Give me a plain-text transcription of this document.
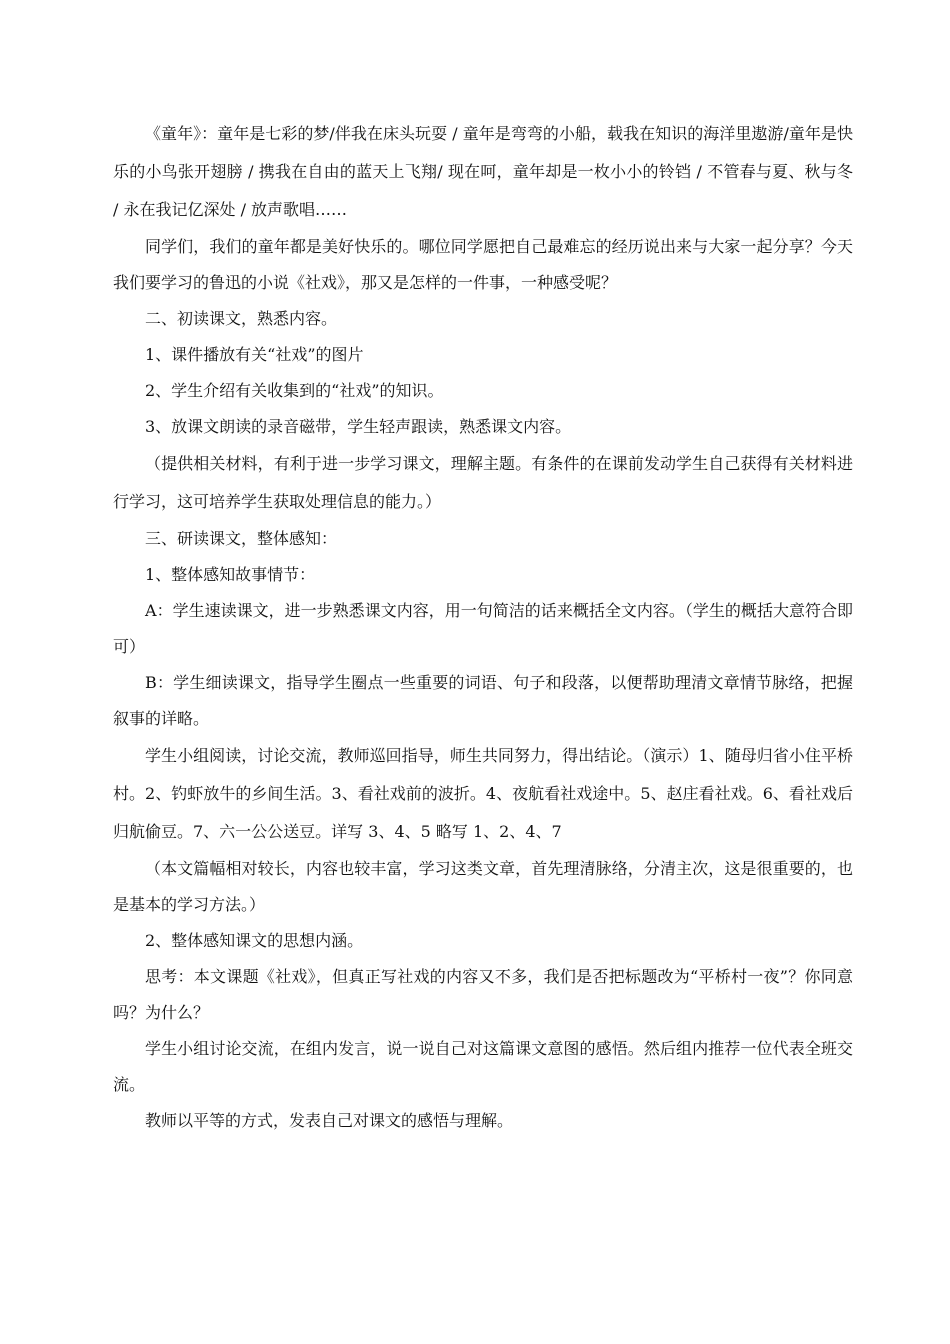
《童年》：童年是七彩的梦/伴我在床头玩耍 / 童年是弯弯的小船，载我在知识的海洋里遨游/童年是快乐的小鸟张开翅膀 / 携我在自由的蓝天上飞翔/ 现在呵，童年却是一枚小小的铃铛 / 不管春与夏、秋与冬 / 永在我记亿深处 / 放声歌唱……

同学们，我们的童年都是美好快乐的。哪位同学愿把自己最难忘的经历说出来与大家一起分享？今天我们要学习的鲁迅的小说《社戏》，那又是怎样的一件事，一种感受呢？

二、初读课文，熟悉内容。

1、课件播放有关“社戏”的图片

2、学生介绍有关收集到的“社戏”的知识。

3、放课文朗读的录音磁带，学生轻声跟读，熟悉课文内容。

（提供相关材料，有利于进一步学习课文，理解主题。有条件的在课前发动学生自己获得有关材料进行学习，这可培养学生获取处理信息的能力。）

三、研读课文，整体感知：

1、整体感知故事情节：

A：学生速读课文，进一步熟悉课文内容，用一句简洁的话来概括全文内容。（学生的概括大意符合即可）

B：学生细读课文，指导学生圈点一些重要的词语、句子和段落，以便帮助理清文章情节脉络，把握叙事的详略。

学生小组阅读，讨论交流，教师巡回指导，师生共同努力，得出结论。（演示）1、随母归省小住平桥村。2、钓虾放牛的乡间生活。3、看社戏前的波折。4、夜航看社戏途中。5、赵庄看社戏。6、看社戏后归航偷豆。7、六一公公送豆。详写 3、4、5 略写 1、2、4、7

（本文篇幅相对较长，内容也较丰富，学习这类文章，首先理清脉络，分清主次，这是很重要的，也是基本的学习方法。）

2、整体感知课文的思想内涵。

思考：本文课题《社戏》，但真正写社戏的内容又不多，我们是否把标题改为“平桥村一夜”？你同意吗？为什么？

学生小组讨论交流，在组内发言，说一说自己对这篇课文意图的感悟。然后组内推荐一位代表全班交流。

教师以平等的方式，发表自己对课文的感悟与理解。
